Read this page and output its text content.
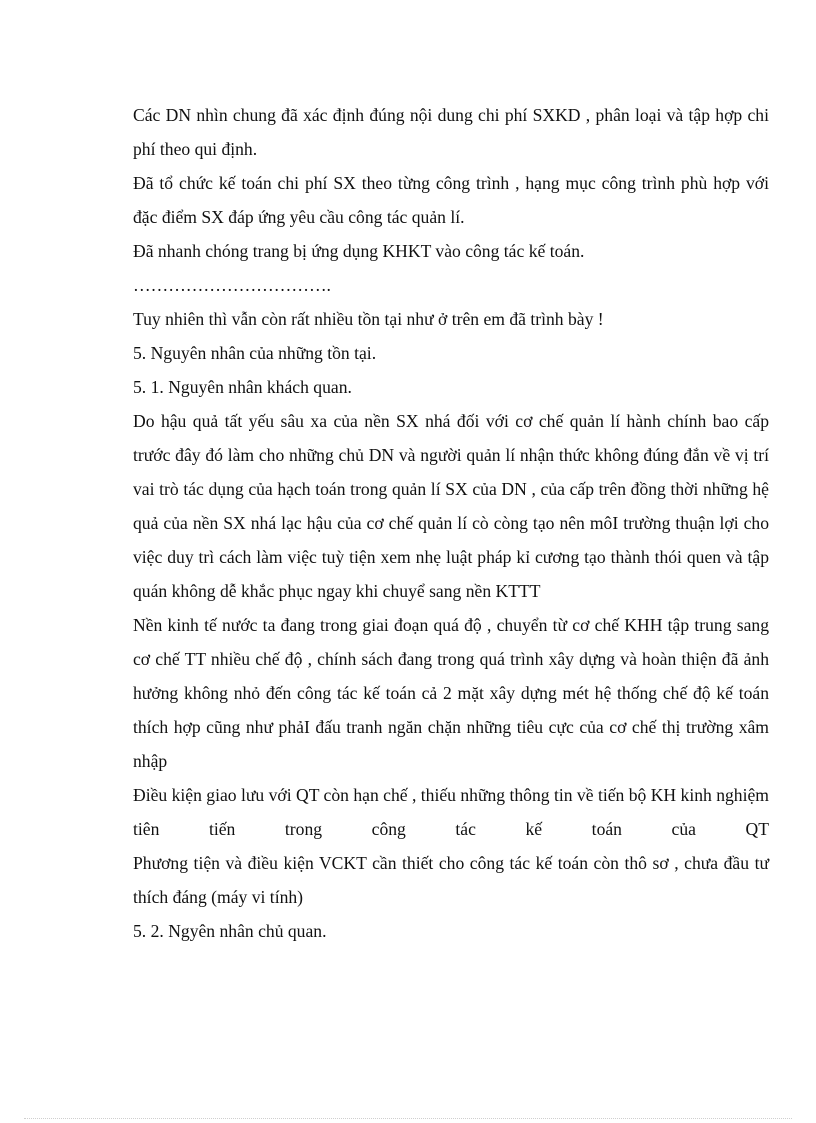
Các DN nhìn chung đã xác định đúng nội dung chi phí SXKD , phân loại và tập hợp chi phí theo qui định.

Đã tổ chức kế toán chi phí SX theo từng công trình , hạng mục công trình phù hợp với đặc điểm SX đáp ứng yêu cầu công tác quản lí.

Đã nhanh chóng trang bị ứng dụng KHKT vào công tác kế toán.

…………………………….

Tuy nhiên thì vẫn còn rất nhiều tồn tại như ở trên em đã trình bày !

5. Nguyên nhân của những tồn tại.

5. 1. Nguyên nhân khách quan.

Do hậu quả tất yếu sâu xa của nền SX nhá đối với cơ chế quản lí hành chính bao cấp trước đây đó làm cho những chủ DN và người quản lí nhận thức không đúng đắn về vị trí vai trò tác dụng của hạch toán trong quản lí SX của DN , của cấp trên đồng thời những hệ quả của nền SX nhá lạc hậu của cơ chế quản lí cò còng tạo nên môI trường thuận lợi cho việc duy trì cách làm việc tuỳ tiện xem nhẹ luật pháp kỉ cương tạo thành thói quen và tập quán không dễ khắc phục ngay khi chuyể sang nền KTTT

Nền kinh tế nước ta đang trong giai đoạn quá độ , chuyển từ cơ chế KHH tập trung sang cơ chế TT nhiều chế độ , chính sách đang trong quá trình xây dựng và hoàn thiện đã ảnh hưởng không nhỏ đến công tác kế toán cả 2 mặt xây dựng mét hệ thống chế độ kế toán thích hợp cũng như phảI đấu tranh ngăn chặn những tiêu cực của cơ chế thị trường xâm nhập

Điều kiện giao lưu với QT còn hạn chế , thiếu những thông tin về tiến bộ KH kinh nghiệm tiên tiến trong công tác kế toán của QT

Phương tiện và điều kiện VCKT cần thiết cho công tác kế toán còn thô sơ , chưa đầu tư thích đáng (máy vi tính)

5. 2. Ngyên nhân chủ quan.
